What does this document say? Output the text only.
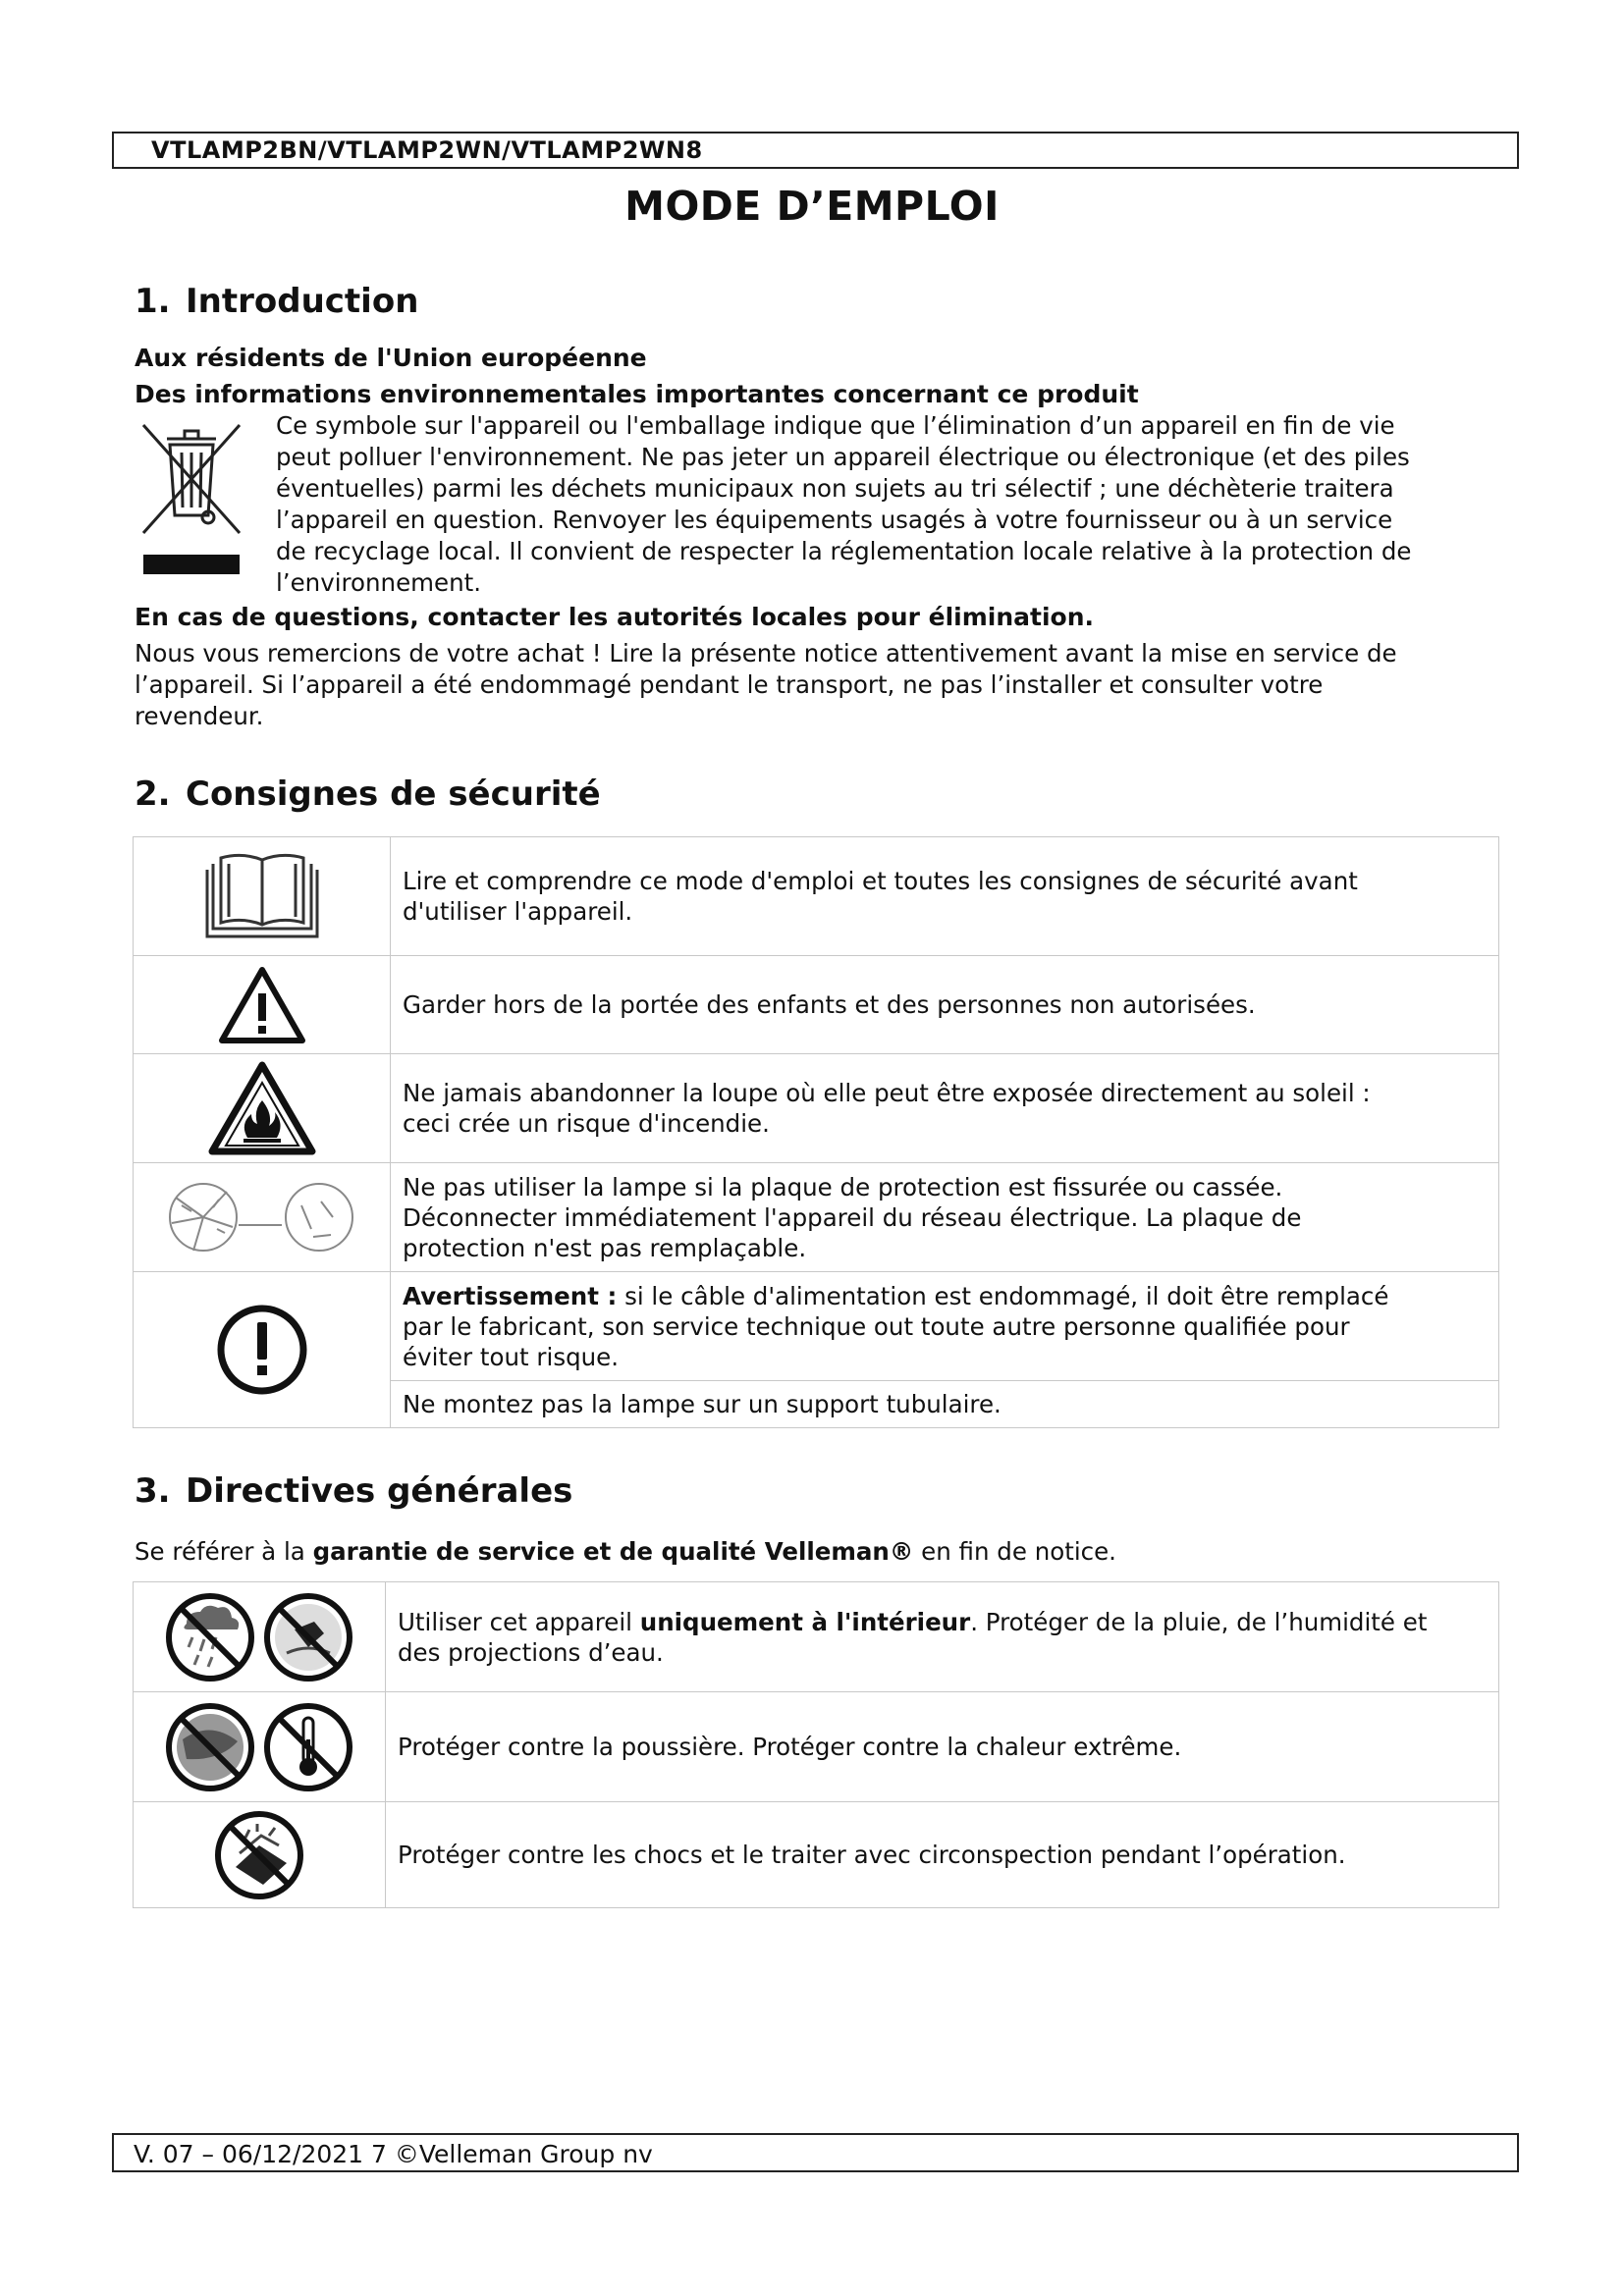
VTLAMP2BN/VTLAMP2WN/VTLAMP2WN8
MODE D’EMPLOI
1. Introduction
Aux résidents de l'Union européenne
Des informations environnementales importantes concernant ce produit
Ce symbole sur l'appareil ou l'emballage indique que l’élimination d’un appareil en fin de vie
peut polluer l'environnement. Ne pas jeter un appareil électrique ou électronique (et des piles
éventuelles) parmi les déchets municipaux non sujets au tri sélectif ; une déchèterie traitera
l’appareil en question. Renvoyer les équipements usagés à votre fournisseur ou à un service
de recyclage local. Il convient de respecter la réglementation locale relative à la protection de
l’environnement.
En cas de questions, contacter les autorités locales pour élimination.
Nous vous remercions de votre achat ! Lire la présente notice attentivement avant la mise en service de
l’appareil. Si l’appareil a été endommagé pendant le transport, ne pas l’installer et consulter votre
revendeur.
2. Consignes de sécurité

Lire et comprendre ce mode d'emploi et toutes les consignes de sécurité avant
d'utiliser l'appareil.

	Garder hors de la portée des enfants et des personnes non autorisées.

Ne jamais abandonner la loupe où elle peut être exposée directement au soleil :
ceci crée un risque d'incendie.

Ne pas utiliser la lampe si la plaque de protection est fissurée ou cassée.
Déconnecter immédiatement l'appareil du réseau électrique. La plaque de
protection n'est pas remplaçable.

Avertissement : si le câble d'alimentation est endommagé, il doit être remplacé
par le fabricant, son service technique out toute autre personne qualifiée pour
éviter tout risque.

	Ne montez pas la lampe sur un support tubulaire.
3. Directives générales
Se référer à la garantie de service et de qualité Velleman® en fin de notice.

Utiliser cet appareil uniquement à l'intérieur. Protéger de la pluie, de l’humidité et
des projections d’eau.

	Protéger contre la poussière. Protéger contre la chaleur extrême.

	Protéger contre les chocs et le traiter avec circonspection pendant l’opération.
V. 07 – 06/12/2021 7 ©Velleman Group nv
